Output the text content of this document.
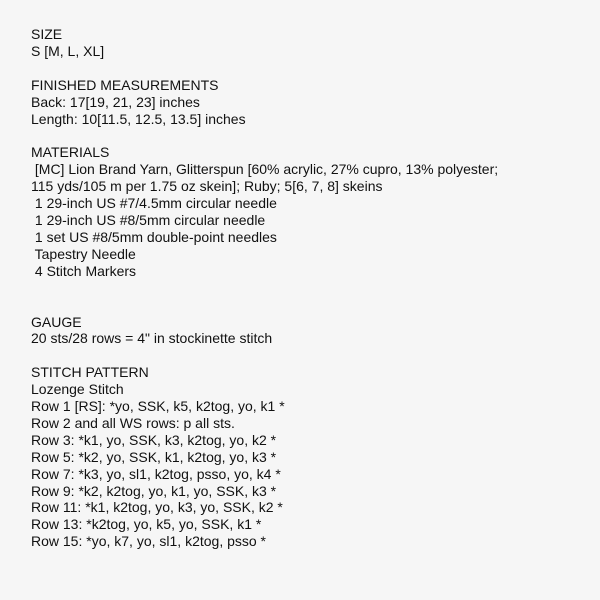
SIZE
S [M, L, XL]
FINISHED MEASUREMENTS
Back: 17[19, 21, 23] inches
Length: 10[11.5, 12.5, 13.5] inches
MATERIALS
[MC] Lion Brand Yarn, Glitterspun [60% acrylic, 27% cupro, 13% polyester;
115 yds/105 m per 1.75 oz skein]; Ruby; 5[6, 7, 8] skeins
1 29-inch US #7/4.5mm circular needle
1 29-inch US #8/5mm circular needle
1 set US #8/5mm double-point needles
Tapestry Needle
4 Stitch Markers
GAUGE
20 sts/28 rows = 4" in stockinette stitch
STITCH PATTERN
Lozenge Stitch
Row 1 [RS]: *yo, SSK, k5, k2tog, yo, k1 *
Row 2 and all WS rows: p all sts.
Row 3: *k1, yo, SSK, k3, k2tog, yo, k2 *
Row 5: *k2, yo, SSK, k1, k2tog, yo, k3 *
Row 7: *k3, yo, sl1, k2tog, psso, yo, k4 *
Row 9: *k2, k2tog, yo, k1, yo, SSK, k3 *
Row 11: *k1, k2tog, yo, k3, yo, SSK, k2 *
Row 13: *k2tog, yo, k5, yo, SSK, k1 *
Row 15: *yo, k7, yo, sl1, k2tog, psso *
